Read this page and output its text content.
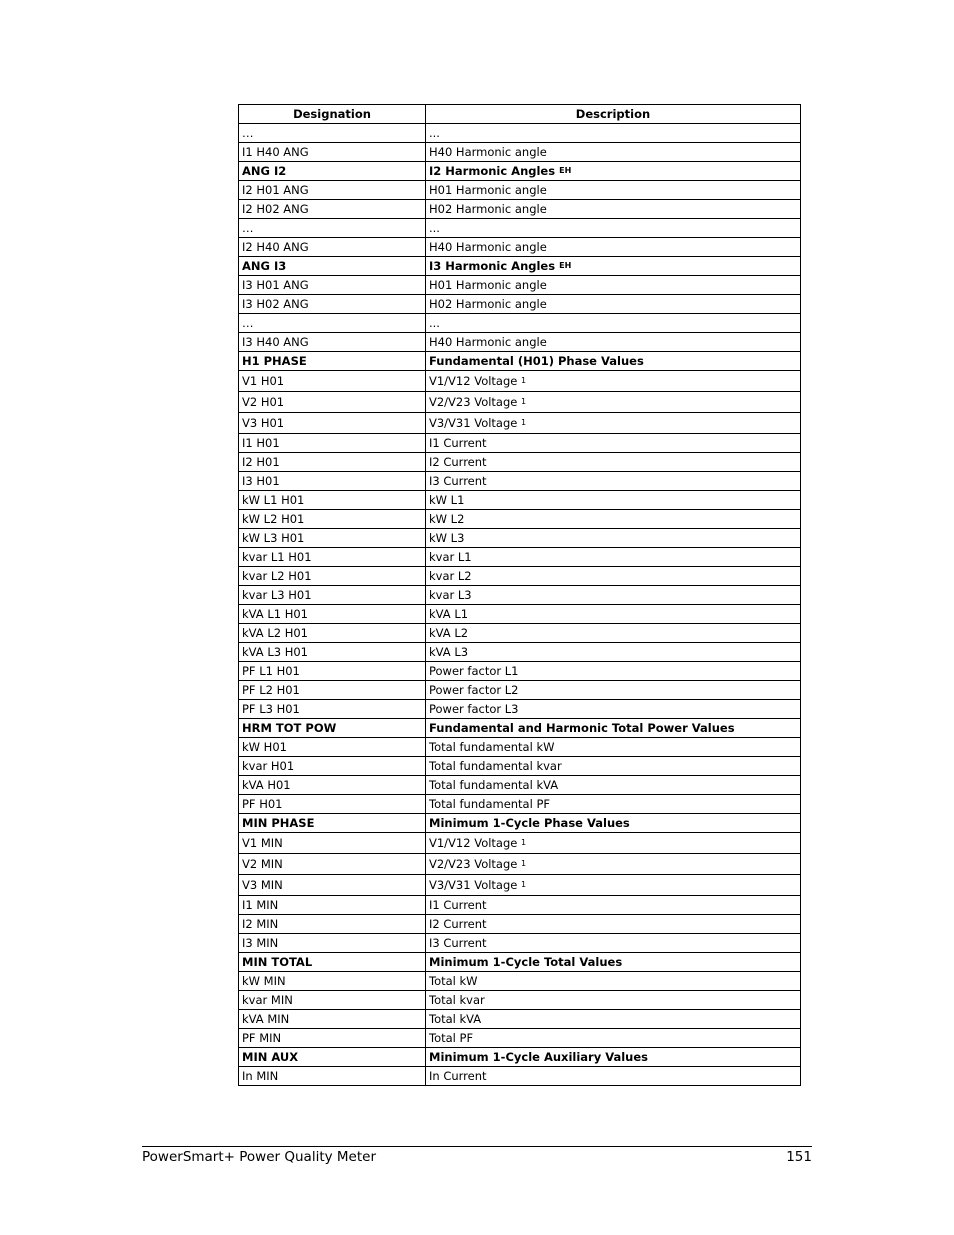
Designation	Description
…	...
I1 H40 ANG	H40 Harmonic angle
ANG I2	I2 Harmonic Angles $^{EH}$
I2 H01 ANG	H01 Harmonic angle
I2 H02 ANG	H02 Harmonic angle
…	...
I2 H40 ANG	H40 Harmonic angle
ANG I3	I3 Harmonic Angles $^{EH}$
I3 H01 ANG	H01 Harmonic angle
I3 H02 ANG	H02 Harmonic angle
…	...
I3 H40 ANG	H40 Harmonic angle
H1 PHASE	Fundamental (H01) Phase Values
V1 H01	V1/V12 Voltage $^1$
V2 H01	V2/V23 Voltage $^1$
V3 H01	V3/V31 Voltage $^1$
I1 H01	I1 Current
I2 H01	I2 Current
I3 H01	I3 Current
kW L1 H01	kW L1
kW L2 H01	kW L2
kW L3 H01	kW L3
kvar L1 H01	kvar L1
kvar L2 H01	kvar L2
kvar L3 H01	kvar L3
kVA L1 H01	kVA L1
kVA L2 H01	kVA L2
kVA L3 H01	kVA L3
PF L1 H01	Power factor L1
PF L2 H01	Power factor L2
PF L3 H01	Power factor L3
HRM TOT POW	Fundamental and Harmonic Total Power Values
kW H01	Total fundamental kW
kvar H01	Total fundamental kvar
kVA H01	Total fundamental kVA
PF H01	Total fundamental PF
MIN PHASE	Minimum 1-Cycle Phase Values
V1 MIN	V1/V12 Voltage $^1$
V2 MIN	V2/V23 Voltage $^1$
V3 MIN	V3/V31 Voltage $^1$
I1 MIN	I1 Current
I2 MIN	I2 Current
I3 MIN	I3 Current
MIN TOTAL	Minimum 1-Cycle Total Values
kW MIN	Total kW
kvar MIN	Total kvar
kVA MIN	Total kVA
PF MIN	Total PF
MIN AUX	Minimum 1-Cycle Auxiliary Values
In MIN	In Current
PowerSmart+ Power Quality Meter	151
